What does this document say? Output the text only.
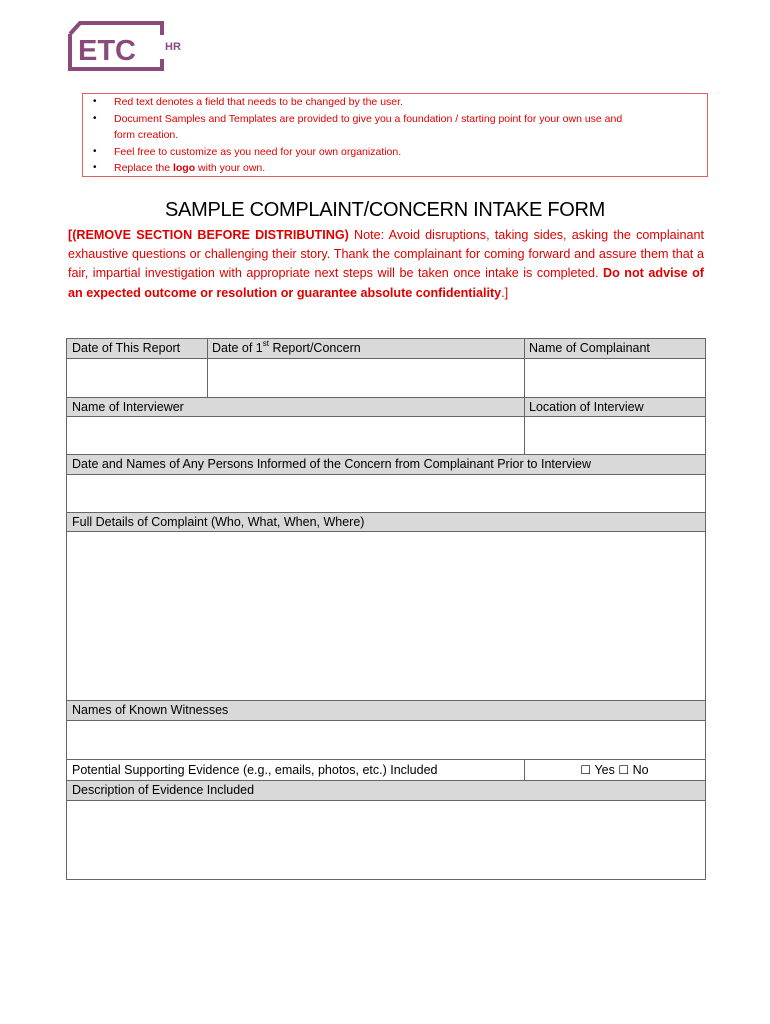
ETC	HR
• Red text denotes a field that needs to be changed by the user.
• Document Samples and Templates are provided to give you a foundation / starting point for your own use and
form creation.
• Feel free to customize as you need for your own organization.
• Replace the logo with your own.
SAMPLE COMPLAINT/CONCERN INTAKE FORM
[(REMOVE SECTION BEFORE DISTRIBUTING) Note: Avoid disruptions, taking sides, asking the complainant exhaustive questions or challenging their story. Thank the complainant for coming forward and assure them that a fair, impartial investigation with appropriate next steps will be taken once intake is completed. Do not advise of an expected outcome or resolution or guarantee absolute confidentiality.]
Date of This Report	Date of 1st Report/Concern	Name of Complainant
Name of Interviewer	Location of Interview
Date and Names of Any Persons Informed of the Concern from Complainant Prior to Interview
Full Details of Complaint (Who, What, When, Where)
Names of Known Witnesses
Potential Supporting Evidence (e.g., emails, photos, etc.) Included	☐ Yes ☐ No
Description of Evidence Included
